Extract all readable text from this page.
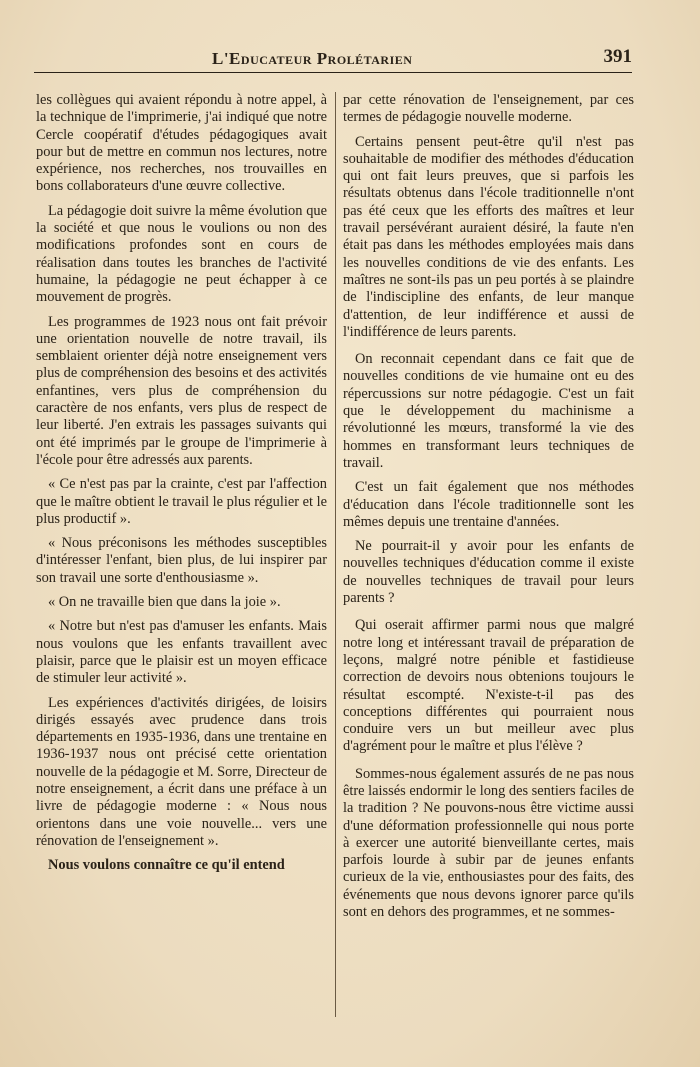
L'Educateur Prolétarien	391

les collègues qui avaient répondu à notre appel, à la technique de l'imprimerie, j'ai indiqué que notre Cercle coopératif d'études pédagogiques avait pour but de mettre en commun nos lectures, notre expérience, nos recherches, nos trouvailles en bons collaborateurs d'une œuvre collective.

La pédagogie doit suivre la même évolution que la société et que nous le voulions ou non des modifications profondes sont en cours de réalisation dans toutes les branches de l'activité humaine, la pédagogie ne peut échapper à ce mouvement de progrès.

Les programmes de 1923 nous ont fait prévoir une orientation nouvelle de notre travail, ils semblaient orienter déjà notre enseignement vers plus de compréhension des besoins et des activités enfantines, vers plus de compréhension du caractère de nos enfants, vers plus de respect de leur liberté. J'en extrais les passages suivants qui ont été imprimés par le groupe de l'imprimerie à l'école pour être adressés aux parents.

« Ce n'est pas par la crainte, c'est par l'affection que le maître obtient le travail le plus régulier et le plus productif ».

« Nous préconisons les méthodes susceptibles d'intéresser l'enfant, bien plus, de lui inspirer par son travail une sorte d'enthousiasme ».

« On ne travaille bien que dans la joie ».

« Notre but n'est pas d'amuser les enfants. Mais nous voulons que les enfants travaillent avec plaisir, parce que le plaisir est un moyen efficace de stimuler leur activité ».

Les expériences d'activités dirigées, de loisirs dirigés essayés avec prudence dans trois départements en 1935-1936, dans une trentaine en 1936-1937 nous ont précisé cette orientation nouvelle de la pédagogie et M. Sorre, Directeur de notre enseignement, a écrit dans une préface à un livre de pédagogie moderne : « Nous nous orientons dans une voie nouvelle... vers une rénovation de l'enseignement ».

Nous voulons connaître ce qu'il entend

par cette rénovation de l'enseignement, par ces termes de pédagogie nouvelle moderne.

Certains pensent peut-être qu'il n'est pas souhaitable de modifier des méthodes d'éducation qui ont fait leurs preuves, que si parfois les résultats obtenus dans l'école traditionnelle n'ont pas été ceux que les efforts des maîtres et leur travail persévérant auraient désiré, la faute n'en était pas dans les méthodes employées mais dans les nouvelles conditions de vie des enfants. Les maîtres ne sont-ils pas un peu portés à se plaindre de l'indiscipline des enfants, de leur manque d'attention, de leur indifférence et aussi de l'indifférence de leurs parents.

On reconnait cependant dans ce fait que de nouvelles conditions de vie humaine ont eu des répercussions sur notre pédagogie. C'est un fait que le développement du machinisme a révolutionné les mœurs, transformé la vie des hommes en transformant leurs techniques de travail.

C'est un fait également que nos méthodes d'éducation dans l'école traditionnelle sont les mêmes depuis une trentaine d'années.

Ne pourrait-il y avoir pour les enfants de nouvelles techniques d'éducation comme il existe de nouvelles techniques de travail pour leurs parents ?

Qui oserait affirmer parmi nous que malgré notre long et intéressant travail de préparation de leçons, malgré notre pénible et fastidieuse correction de devoirs nous obtenions toujours le résultat escompté. N'existe-t-il pas des conceptions différentes qui pourraient nous conduire vers un but meilleur avec plus d'agrément pour le maître et plus l'élève ?

Sommes-nous également assurés de ne pas nous être laissés endormir le long des sentiers faciles de la tradition ? Ne pouvons-nous être victime aussi d'une déformation professionnelle qui nous porte à exercer une autorité bienveillante certes, mais parfois lourde à subir par de jeunes enfants curieux de la vie, enthousiastes pour des faits, des événements que nous devons ignorer parce qu'ils sont en dehors des programmes, et ne sommes-
